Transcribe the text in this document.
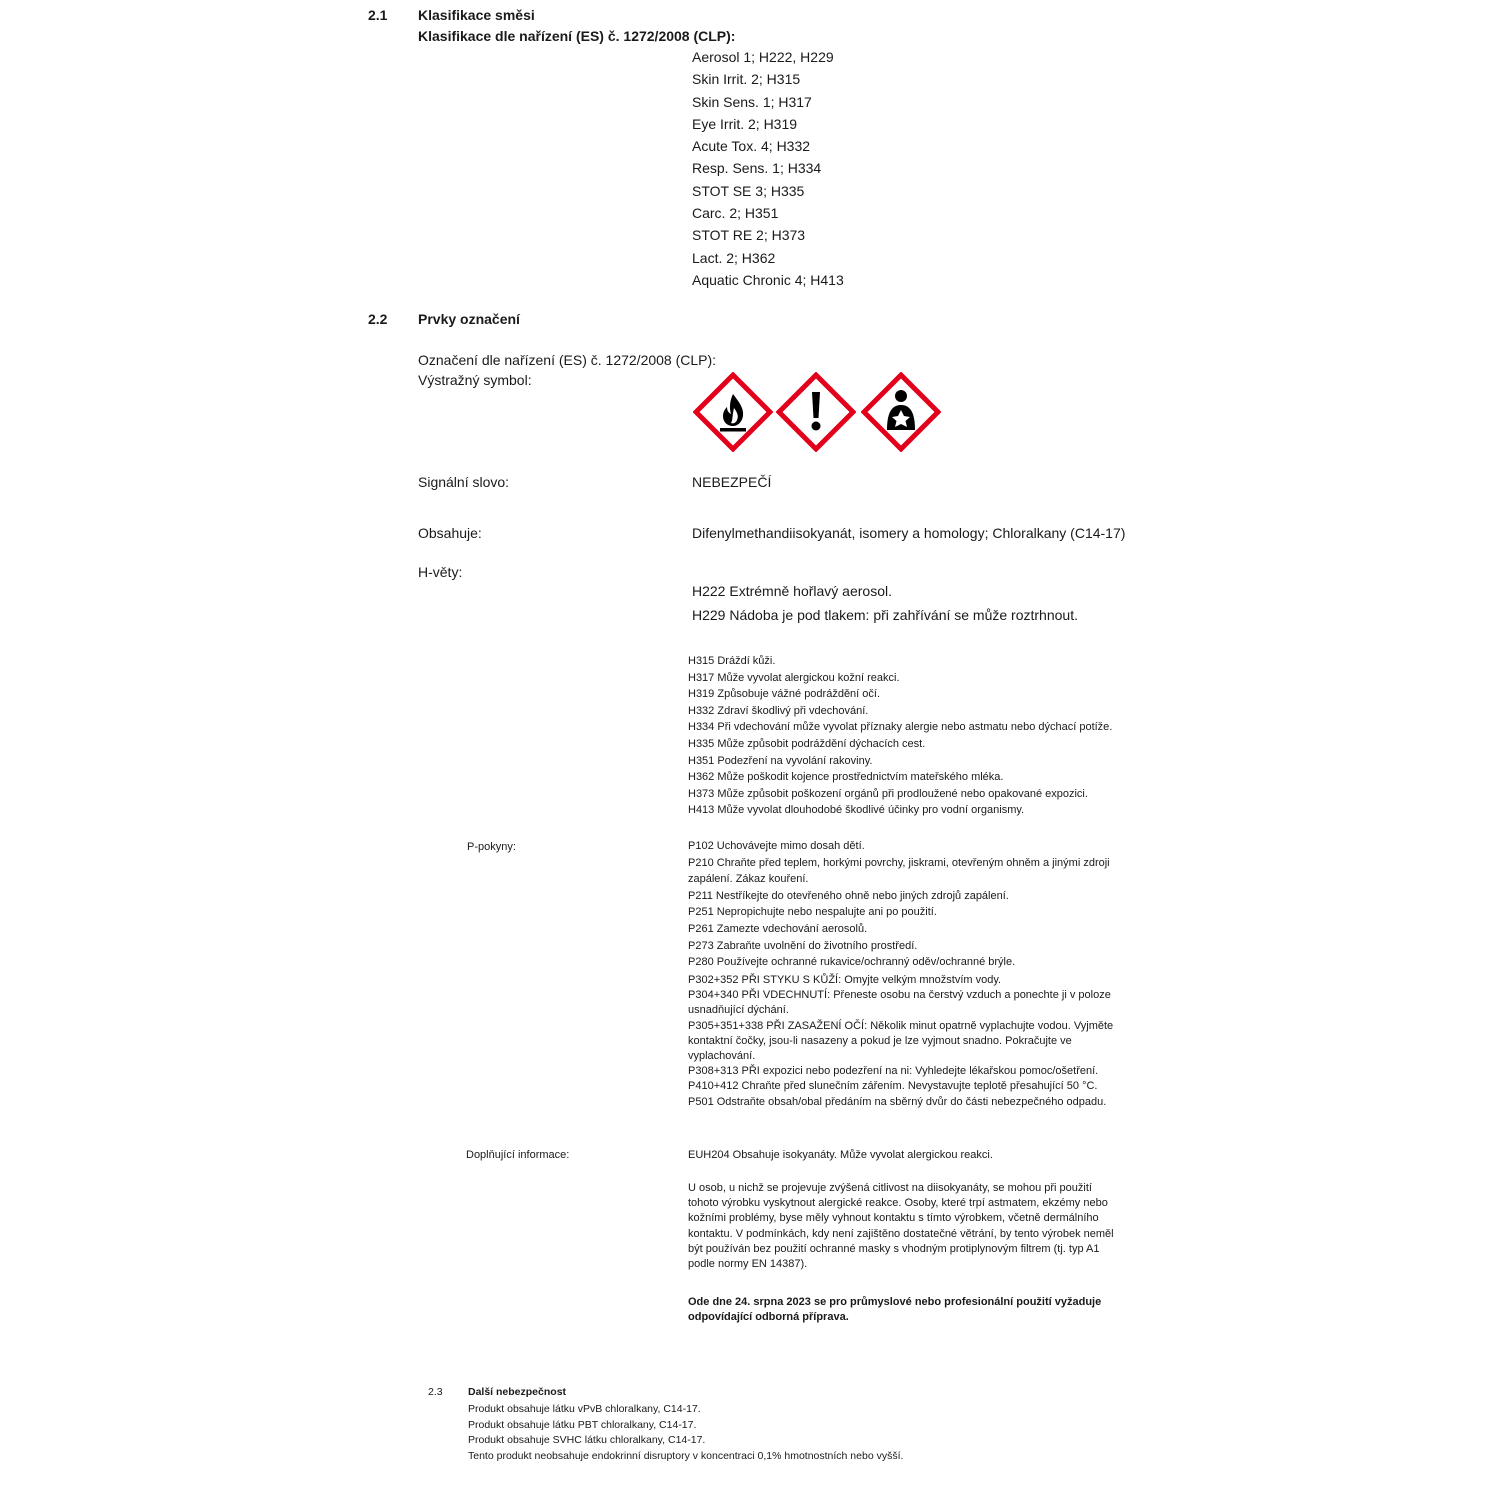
2.1 Klasifikace směsi
Klasifikace dle nařízení (ES) č. 1272/2008 (CLP):
Aerosol 1; H222, H229
Skin Irrit. 2; H315
Skin Sens. 1; H317
Eye Irrit. 2; H319
Acute Tox. 4; H332
Resp. Sens. 1; H334
STOT SE 3; H335
Carc. 2; H351
STOT RE 2; H373
Lact. 2; H362
Aquatic Chronic 4; H413
2.2 Prvky označení
Označení dle nařízení (ES) č. 1272/2008 (CLP):
Výstražný symbol:
Signální slovo:	NEBEZPEČÍ
Obsahuje:	Difenylmethandiisokyanát, isomery a homology; Chloralkany (C14-17)
H-věty:
H222 Extrémně hořlavý aerosol.
H229 Nádoba je pod tlakem: při zahřívání se může roztrhnout.
H315 Dráždí kůži.
H317 Může vyvolat alergickou kožní reakci.
H319 Způsobuje vážné podráždění očí.
H332 Zdraví škodlivý při vdechování.
H334 Při vdechování může vyvolat příznaky alergie nebo astmatu nebo dýchací potíže.
H335 Může způsobit podráždění dýchacích cest.
H351 Podezření na vyvolání rakoviny.
H362 Může poškodit kojence prostřednictvím mateřského mléka.
H373 Může způsobit poškození orgánů při prodloužené nebo opakované expozici.
H413 Může vyvolat dlouhodobé škodlivé účinky pro vodní organismy.
P-pokyny:	P102 Uchovávejte mimo dosah dětí.
P210 Chraňte před teplem, horkými povrchy, jiskrami, otevřeným ohněm a jinými zdroji
zapálení. Zákaz kouření.
P211 Nestříkejte do otevřeného ohně nebo jiných zdrojů zapálení.
P251 Nepropichujte nebo nespalujte ani po použití.
P261 Zamezte vdechování aerosolů.
P273 Zabraňte uvolnění do životního prostředí.
P280 Používejte ochranné rukavice/ochranný oděv/ochranné brýle.
P302+352 PŘI STYKU S KŮŽÍ: Omyjte velkým množstvím vody.
P304+340 PŘI VDECHNUTÍ: Přeneste osobu na čerstvý vzduch a ponechte ji v poloze
usnadňující dýchání.
P305+351+338 PŘI ZASAŽENÍ OČÍ: Několik minut opatrně vyplachujte vodou. Vyjměte
kontaktní čočky, jsou-li nasazeny a pokud je lze vyjmout snadno. Pokračujte ve
vyplachování.
P308+313 PŘI expozici nebo podezření na ni: Vyhledejte lékařskou pomoc/ošetření.
P410+412 Chraňte před slunečním zářením. Nevystavujte teplotě přesahující 50 °C.
P501 Odstraňte obsah/obal předáním na sběrný dvůr do části nebezpečného odpadu.
Doplňující informace:	EUH204 Obsahuje isokyanáty. Může vyvolat alergickou reakci.
U osob, u nichž se projevuje zvýšená citlivost na diisokyanáty, se mohou při použití
tohoto výrobku vyskytnout alergické reakce. Osoby, které trpí astmatem, ekzémy nebo
kožními problémy, byse měly vyhnout kontaktu s tímto výrobkem, včetně dermálního
kontaktu. V podmínkách, kdy není zajištěno dostatečné větrání, by tento výrobek neměl
být používán bez použití ochranné masky s vhodným protiplynovým filtrem (tj. typ A1
podle normy EN 14387).
Ode dne 24. srpna 2023 se pro průmyslové nebo profesionální použití vyžaduje
odpovídající odborná příprava.
2.3 Další nebezpečnost
Produkt obsahuje látku vPvB chloralkany, C14-17.
Produkt obsahuje látku PBT chloralkany, C14-17.
Produkt obsahuje SVHC látku chloralkany, C14-17.
Tento produkt neobsahuje endokrinní disruptory v koncentraci 0,1% hmotnostních nebo vyšší.
